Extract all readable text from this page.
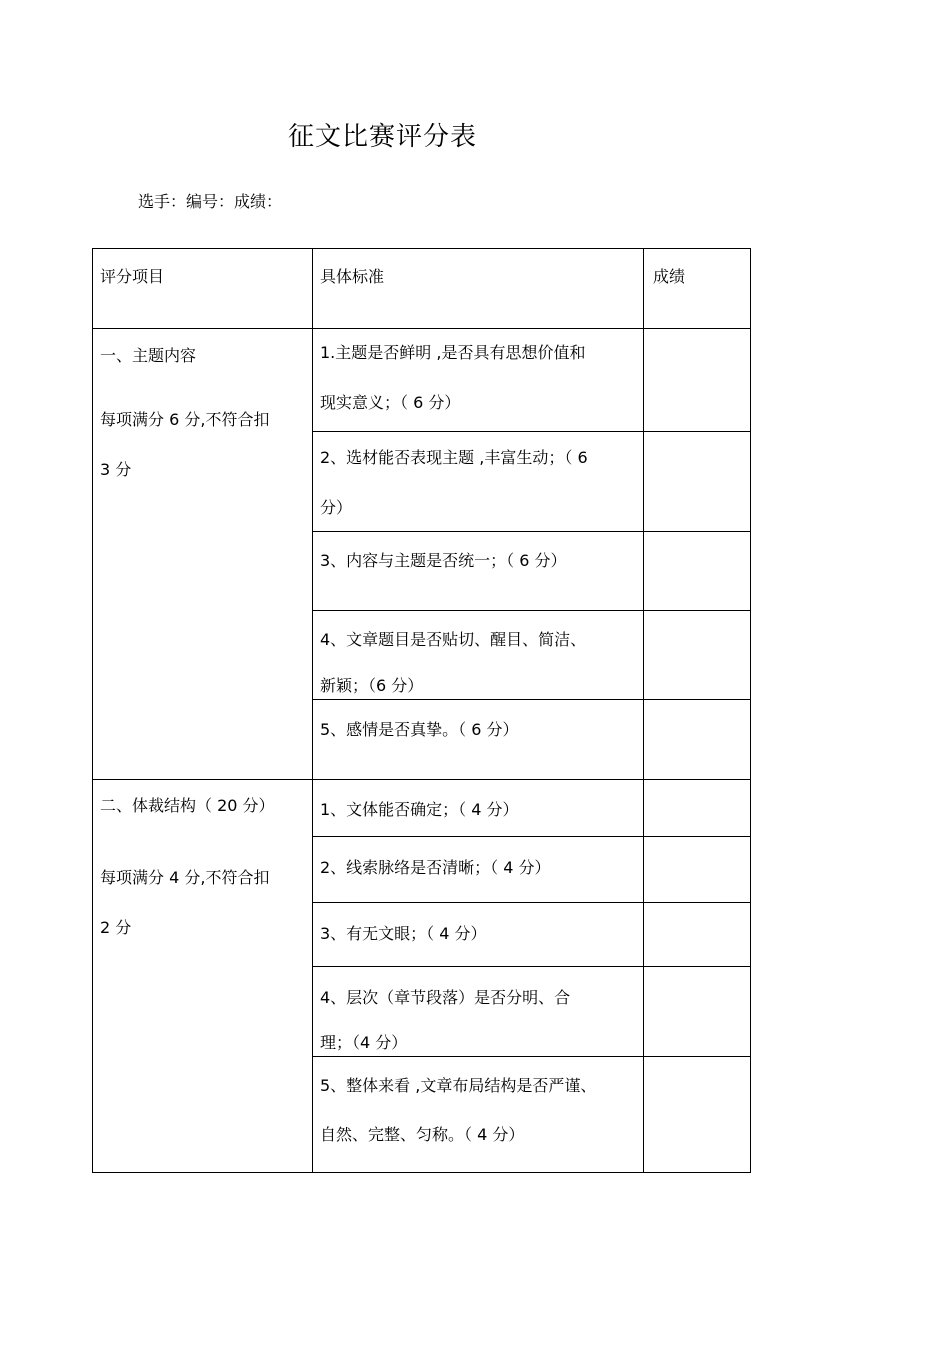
征文比赛评分表
选手：编号：成绩：
评分项目	具体标准	成绩
一、主题内容
每项满分 6 分,不符合扣
3 分
1.主题是否鲜明 ,是否具有思想价值和
现实意义；（ 6 分）
2、选材能否表现主题 ,丰富生动；（ 6
分）
3、内容与主题是否统一；（ 6 分）
4、文章题目是否贴切、醒目、简洁、
新颖；（6 分）
5、感情是否真挚。（ 6 分）
二、体裁结构（ 20 分）
每项满分 4 分,不符合扣
2 分
1、文体能否确定；（ 4 分）
2、线索脉络是否清晰；（ 4 分）
3、有无文眼；（ 4 分）
4、层次（章节段落）是否分明、合
理；（4 分）
5、整体来看 ,文章布局结构是否严谨、
自然、完整、匀称。（ 4 分）
